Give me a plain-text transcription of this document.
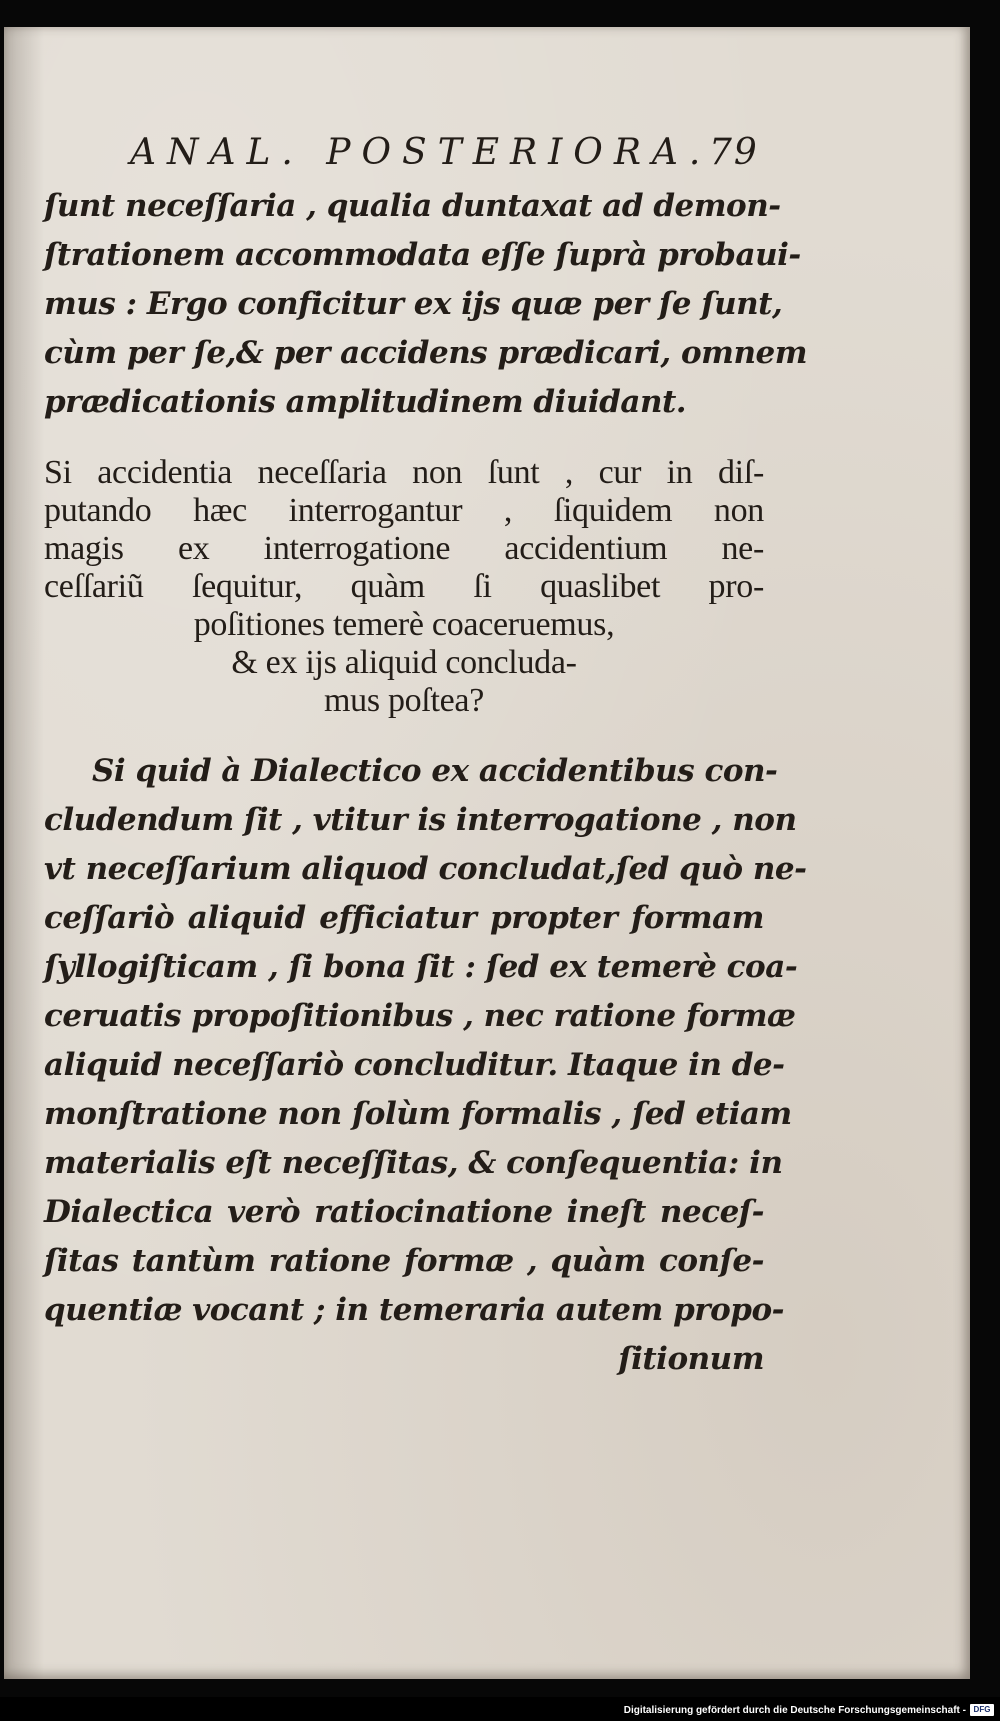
ANAL. POSTERIORA.
79
ſunt neceſſaria , qualia duntaxat ad demon-
ſtrationem accommodata eſſe ſuprà probaui-
mus : Ergo conficitur ex ijs quæ per ſe ſunt,
cùm per ſe,& per accidens prædicari, omnem
prædicationis amplitudinem diuidant.
Si accidentia neceſſaria non ſunt , cur in diſ-
putando hæc interrogantur , ſiquidem non
magis ex interrogatione accidentium ne-
ceſſariũ ſequitur, quàm ſi quaslibet pro-
poſitiones temerè coaceruemus,
& ex ijs aliquid concluda-
mus poſtea?
Si quid à Dialectico ex accidentibus con-
cludendum ſit , vtitur is interrogatione , non
vt neceſſarium aliquod concludat,ſed quò ne-
ceſſariò aliquid efficiatur propter formam
ſyllogiſticam , ſi bona ſit : ſed ex temerè coa-
ceruatis propoſitionibus , nec ratione formæ
aliquid neceſſariò concluditur. Itaque in de-
monſtratione non ſolùm formalis , ſed etiam
materialis eſt neceſſitas, & conſequentia: in
Dialectica verò ratiocinatione ineſt neceſ-
ſitas tantùm ratione formæ , quàm conſe-
quentiæ vocant ; in temeraria autem propo-
ſitionum
Digitalisierung gefördert durch die Deutsche Forschungsgemeinschaft - DFG
